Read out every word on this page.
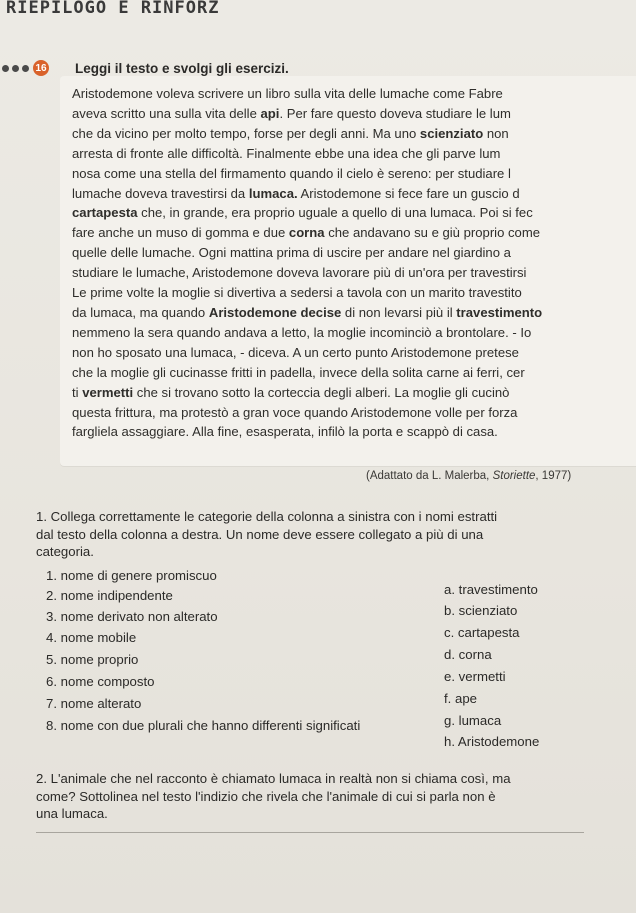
RIEPILOGO E RINFORZ
16 Leggi il testo e svolgi gli esercizi.

Aristodemone voleva scrivere un libro sulla vita delle lumache come Fabre
aveva scritto una sulla vita delle api. Per fare questo doveva studiare le lum
che da vicino per molto tempo, forse per degli anni. Ma uno scienziato non
arresta di fronte alle difficoltà. Finalmente ebbe una idea che gli parve lum
nosa come una stella del firmamento quando il cielo è sereno: per studiare l
lumache doveva travestirsi da lumaca. Aristodemone si fece fare un guscio d
cartapesta che, in grande, era proprio uguale a quello di una lumaca. Poi si fec
fare anche un muso di gomma e due corna che andavano su e giù proprio come
quelle delle lumache. Ogni mattina prima di uscire per andare nel giardino a
studiare le lumache, Aristodemone doveva lavorare più di un'ora per travestirsi
Le prime volte la moglie si divertiva a sedersi a tavola con un marito travestito
da lumaca, ma quando Aristodemone decise di non levarsi più il travestimento
nemmeno la sera quando andava a letto, la moglie incominciò a brontolare. - Io
non ho sposato una lumaca, - diceva. A un certo punto Aristodemone pretese
che la moglie gli cucinasse fritti in padella, invece della solita carne ai ferri, cer
ti vermetti che si trovano sotto la corteccia degli alberi. La moglie gli cucinò
questa frittura, ma protestò a gran voce quando Aristodemone volle per forza
fargliela assaggiare. Alla fine, esasperata, infilò la porta e scappò di casa.

(Adattato da L. Malerba, Storiette, 1977)
1. Collega correttamente le categorie della colonna a sinistra con i nomi estratti
dal testo della colonna a destra. Un nome deve essere collegato a più di una
categoria.
1. nome di genere promiscuo
2. nome indipendente
3. nome derivato non alterato
4. nome mobile
5. nome proprio
6. nome composto
7. nome alterato
8. nome con due plurali che hanno differenti significati
a. travestimento
b. scienziato
c. cartapesta
d. corna
e. vermetti
f. ape
g. lumaca
h. Aristodemone
2. L'animale che nel racconto è chiamato lumaca in realtà non si chiama così, ma
come? Sottolinea nel testo l'indizio che rivela che l'animale di cui si parla non è
una lumaca.
